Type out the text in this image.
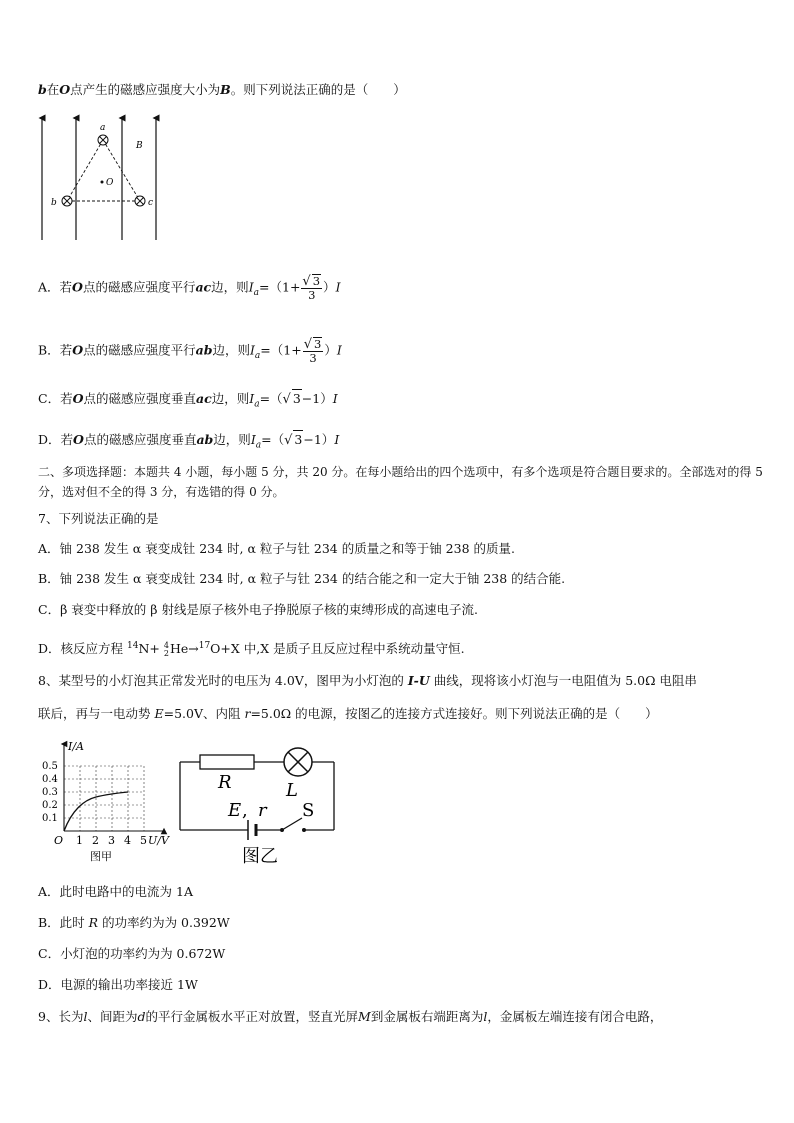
b在O点产生的磁感应强度大小为B。则下列说法正确的是（　　）
a
b	c
O
B
A．若O点的磁感应强度平行ac边，则$I_a=(1+ \frac{√ 3}{3} )I$
B．若O点的磁感应强度平行ab边，则$I_a=(1+ \frac{√ 3}{3} )I$
C．若O点的磁感应强度垂直ac边，则$I_a=(√$ 3−1）I
D．若O点的磁感应强度垂直ab边，则$I_a=(√$ 3−1）I
二、多项选择题：本题共 4 小题，每小题 5 分，共 20 分。在每小题给出的四个选项中，有多个选项是符合题目要求的。全部选对的得 5 分，选对但不全的得 3 分，有选错的得 0 分。
7、下列说法正确的是
A．铀 238 发生 α 衰变成钍 234 时, α 粒子与钍 234 的质量之和等于铀 238 的质量.
B．铀 238 发生 α 衰变成钍 234 时, α 粒子与钍 234 的结合能之和一定大于铀 238 的结合能.
C．β 衰变中释放的 β 射线是原子核外电子挣脱原子核的束缚形成的高速电子流.
D．核反应方程 $^{14}$N+ 4
2He→$^{17}$O+X 中,X 是质子且反应过程中系统动量守恒.
8、某型号的小灯泡其正常发光时的电压为 4.0V，图甲为小灯泡的 I-U 曲线，现将该小灯泡与一电阻值为 5.0Ω 电阻串
联后，再与一电动势 E=5.0V、内阻 r=5.0Ω 的电源，按图乙的连接方式连接好。则下列说法正确的是（　　）
I/A
0.5
0.4
0.3
0.2
0.1
O 1 2 3 4 5 U/V
图甲
R	L
E , r S
图乙
A．此时电路中的电流为 1A
B．此时 R 的功率约为为 0.392W
C．小灯泡的功率约为为 0.672W
D．电源的输出功率接近 1W
9、长为l、间距为d的平行金属板水平正对放置，竖直光屏M到金属板右端距离为l，金属板左端连接有闭合电路，
